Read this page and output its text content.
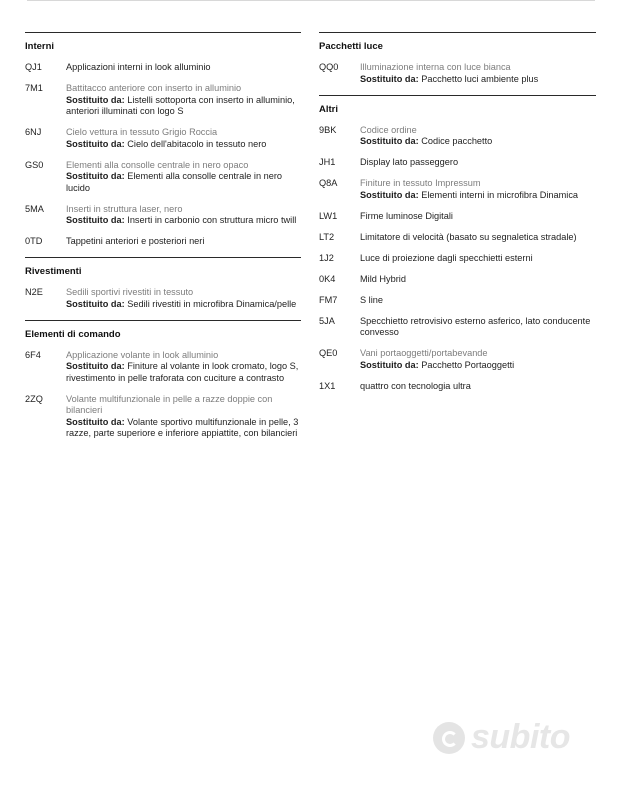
Interni
QJ1	Applicazioni interni in look alluminio
7M1	Battitacco anteriore con inserto in alluminio
Sostituito da: Listelli sottoporta con inserto in alluminio, anteriori illuminati con logo S
6NJ	Cielo vettura in tessuto Grigio Roccia
Sostituito da: Cielo dell'abitacolo in tessuto nero
GS0	Elementi alla consolle centrale in nero opaco
Sostituito da: Elementi alla consolle centrale in nero lucido
5MA	Inserti in struttura laser, nero
Sostituito da: Inserti in carbonio con struttura micro twill
0TD	Tappetini anteriori e posteriori neri
Rivestimenti
N2E	Sedili sportivi rivestiti in tessuto
Sostituito da: Sedili rivestiti in microfibra Dinamica/pelle
Elementi di comando
6F4	Applicazione volante in look alluminio
Sostituito da: Finiture al volante in look cromato, logo S, rivestimento in pelle traforata con cuciture a contrasto
2ZQ	Volante multifunzionale in pelle a razze doppie con bilancieri
Sostituito da: Volante sportivo multifunzionale in pelle, 3 razze, parte superiore e inferiore appiattite, con bilancieri
Pacchetti luce
QQ0	Illuminazione interna con luce bianca
Sostituito da: Pacchetto luci ambiente plus
Altri
9BK	Codice ordine
Sostituito da: Codice pacchetto
JH1	Display lato passeggero
Q8A	Finiture in tessuto Impressum
Sostituito da: Elementi interni in microfibra Dinamica
LW1	Firme luminose Digitali
LT2	Limitatore di velocità (basato su segnaletica stradale)
1J2	Luce di proiezione dagli specchietti esterni
0K4	Mild Hybrid
FM7	S line
5JA	Specchietto retrovisivo esterno asferico, lato conducente convesso
QE0	Vani portaoggetti/portabevande
Sostituito da: Pacchetto Portaoggetti
1X1	quattro con tecnologia ultra
subito
